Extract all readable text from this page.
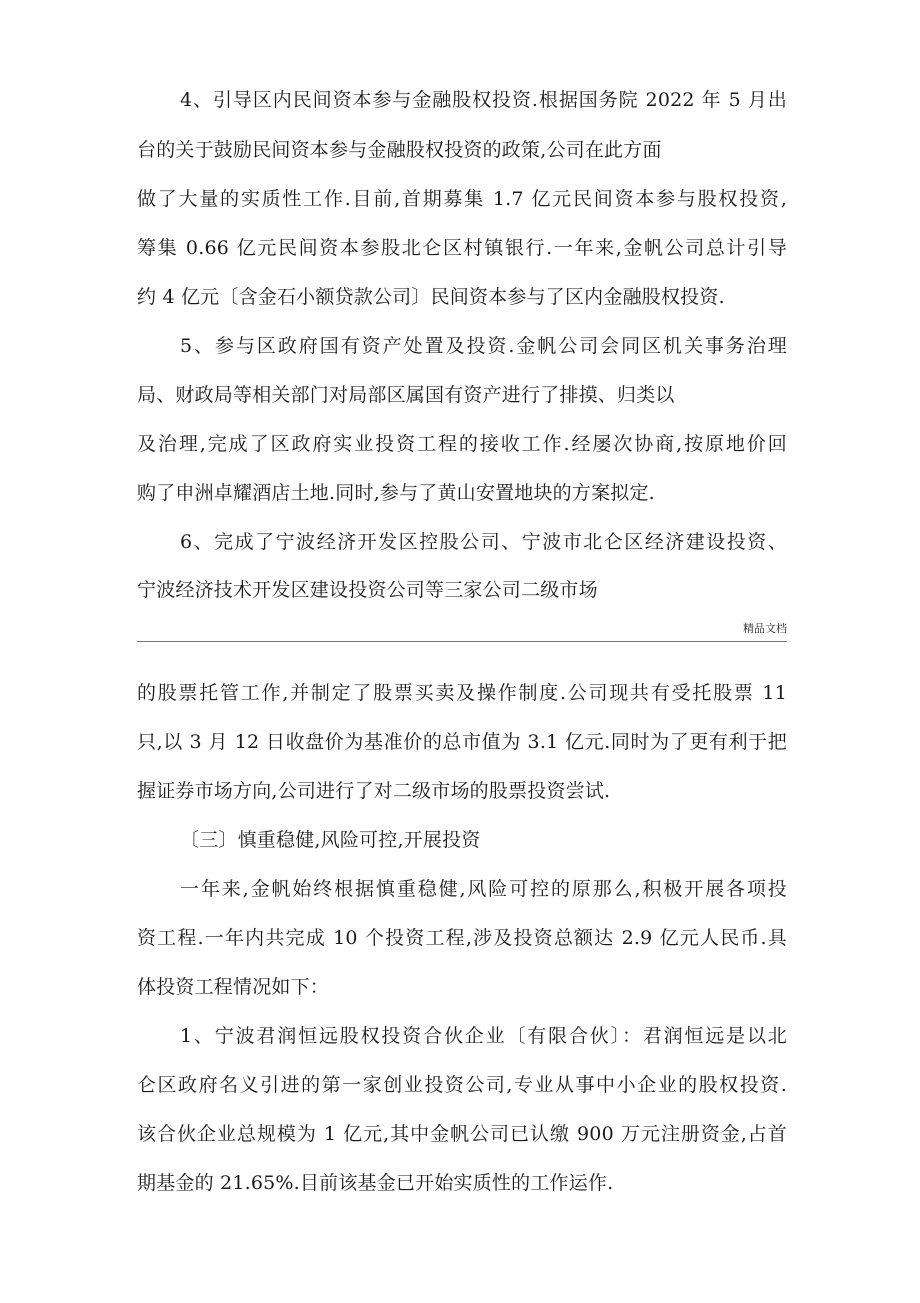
4、引导区内民间资本参与金融股权投资.根据国务院 2022 年 5 月出
台的关于鼓励民间资本参与金融股权投资的政策,公司在此方面
做了大量的实质性工作.目前,首期募集 1.7 亿元民间资本参与股权投资,
筹集 0.66 亿元民间资本参股北仑区村镇银行.一年来,金帆公司总计引导
约 4 亿元〔含金石小额贷款公司〕民间资本参与了区内金融股权投资.
5、参与区政府国有资产处置及投资.金帆公司会同区机关事务治理
局、财政局等相关部门对局部区属国有资产进行了排摸、归类以
及治理,完成了区政府实业投资工程的接收工作.经屡次协商,按原地价回
购了申洲卓耀酒店土地.同时,参与了黄山安置地块的方案拟定.
6、完成了宁波经济开发区控股公司、宁波市北仑区经济建设投资、
宁波经济技术开发区建设投资公司等三家公司二级市场
精品文档
的股票托管工作,并制定了股票买卖及操作制度.公司现共有受托股票 11
只,以 3 月 12 日收盘价为基准价的总市值为 3.1 亿元.同时为了更有利于把
握证券市场方向,公司进行了对二级市场的股票投资尝试.
〔三〕慎重稳健,风险可控,开展投资
一年来,金帆始终根据慎重稳健,风险可控的原那么,积极开展各项投
资工程.一年内共完成 10 个投资工程,涉及投资总额达 2.9 亿元人民币.具
体投资工程情况如下：
1、宁波君润恒远股权投资合伙企业〔有限合伙〕：君润恒远是以北
仑区政府名义引进的第一家创业投资公司,专业从事中小企业的股权投资.
该合伙企业总规模为 1 亿元,其中金帆公司已认缴 900 万元注册资金,占首
期基金的 21.65%.目前该基金已开始实质性的工作运作.
